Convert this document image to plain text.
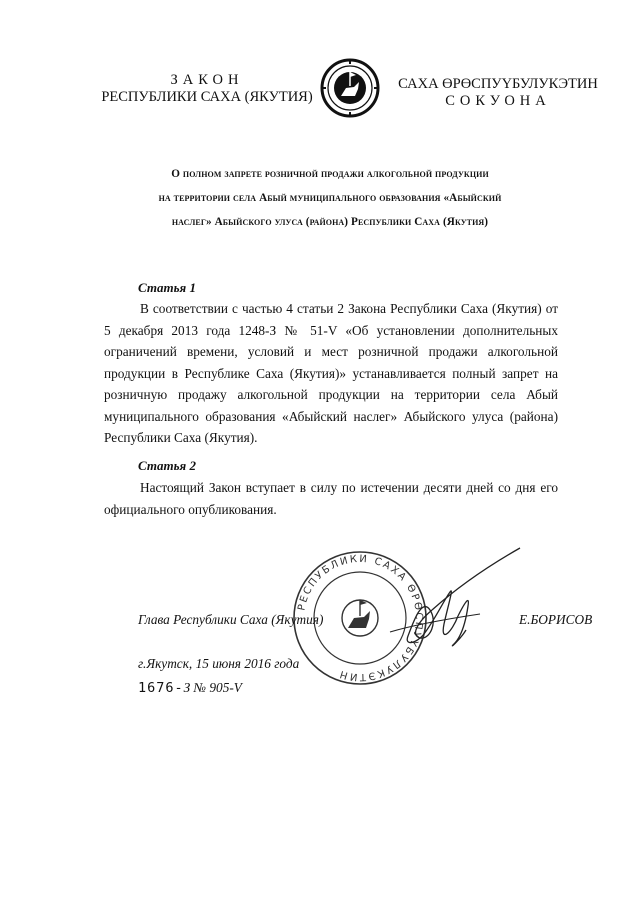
ЗАКОН
РЕСПУБЛИКИ САХА (ЯКУТИЯ)
САХА ӨРӨСПУҮБУЛУКЭТИН
СОКУОНА
О полном запрете розничной продажи алкогольной продукции
на территории села Абый муниципального образования «Абыйский
наслег» Абыйского улуса (района) Республики Саха (Якутия)
Статья 1
В соответствии с частью 4 статьи 2 Закона Республики Саха (Якутия) от 5 декабря 2013 года 1248-З № 51-V «Об установлении дополнительных ограничений времени, условий и мест розничной продажи алкогольной продукции в Республике Саха (Якутия)» устанавливается полный запрет на розничную продажу алкогольной продукции на территории села Абый муниципального образования «Абыйский наслег» Абыйского улуса (района) Республики Саха (Якутия).
Статья 2
Настоящий Закон вступает в силу по истечении десяти дней со дня его официального опубликования.
РЕСПУБЛИКИ САХА ӨРӨСПУҮБУЛУКЭТИН
Глава Республики Саха (Якутия)	Е.БОРИСОВ
г.Якутск, 15 июня 2016 года
1676-З № 905-V
